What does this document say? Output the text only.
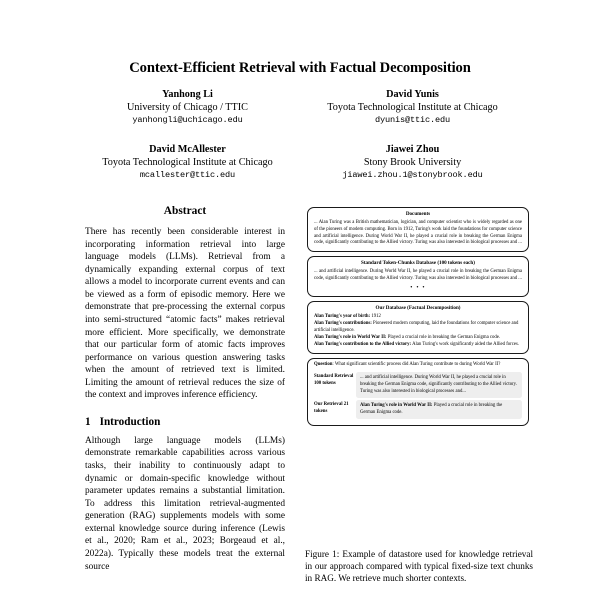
Context-Efficient Retrieval with Factual Decomposition
Yanhong Li
University of Chicago / TTIC
yanhongli@uchicago.edu
David Yunis
Toyota Technological Institute at Chicago
dyunis@ttic.edu
David McAllester
Toyota Technological Institute at Chicago
mcallester@ttic.edu
Jiawei Zhou
Stony Brook University
jiawei.zhou.1@stonybrook.edu
Abstract
There has recently been considerable interest in incorporating information retrieval into large language models (LLMs). Retrieval from a dynamically expanding external corpus of text allows a model to incorporate current events and can be viewed as a form of episodic memory. Here we demonstrate that pre-processing the external corpus into semi-structured “atomic facts” makes retrieval more efficient. More specifically, we demonstrate that our particular form of atomic facts improves performance on various question answering tasks when the amount of retrieved text is limited. Limiting the amount of retrieval reduces the size of the context and improves inference efficiency.
1 Introduction
Although large language models (LLMs) demonstrate remarkable capabilities across various tasks, their inability to continuously adapt to dynamic or domain-specific knowledge without parameter updates remains a substantial limitation. To address this limitation retrieval-augmented generation (RAG) supplements models with some external knowledge source during inference (Lewis et al., 2020; Ram et al., 2023; Borgeaud et al., 2022a). Typically these models treat the external source
Documents
... Alan Turing was a British mathematician, logician, and computer scientist who is widely regarded as one of the pioneers of modern computing. Born in 1912, Turing's work laid the foundations for computer science and artificial intelligence. During World War II, he played a crucial role in breaking the German Enigma code, significantly contributing to the Allied victory. Turing was also interested in biological processes and ...
Standard Token-Chunks Database (100 tokens each)
... and artificial intelligence. During World War II, he played a crucial role in breaking the German Enigma code, significantly contributing to the Allied victory. Turing was also interested in biological processes and ...
• • •
Our Database (Factual Decomposition)
Alan Turing's year of birth: 1912
Alan Turing's contributions: Pioneered modern computing, laid the foundations for computer science and artificial intelligence.
Alan Turing's role in World War II: Played a crucial role in breaking the German Enigma code.
Alan Turing's contribution to the Allied victory: Alan Turing's work significantly aided the Allied forces.
Question: What significant scientific process did Alan Turing contribute to during World War II?
Standard Retrieval 100 tokens
... and artificial intelligence. During World War II, he played a crucial role in breaking the German Enigma code, significantly contributing to the Allied victory. Turing was also interested in biological processes and...
Our Retrieval 21 tokens
Alan Turing's role in World War II: Played a crucial role in breaking the German Enigma code.
Figure 1: Example of datastore used for knowledge retrieval in our approach compared with typical fixed-size text chunks in RAG. We retrieve much shorter contexts.
